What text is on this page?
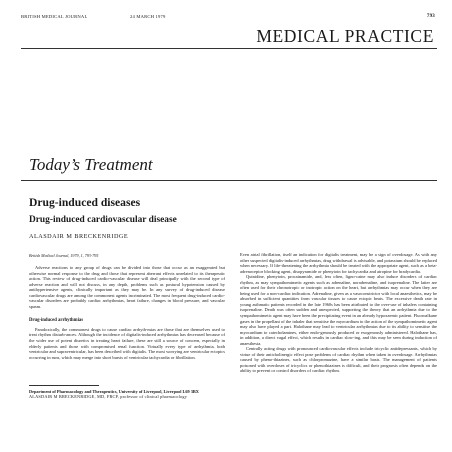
BRITISH MEDICAL JOURNAL	24 MARCH 1979	793
MEDICAL PRACTICE
Today’s Treatment
Drug-induced diseases
Drug-induced cardiovascular disease
ALASDAIR M BRECKENRIDGE
British Medical Journal, 1979, 1, 793-795

Adverse reactions to any group of drugs can be divided into those that occur as an exaggerated but otherwise normal response to the drug and those that represent aberrant effects unrelated to its therapeutic action. This review of drug-induced cardio-vascular disease will deal principally with the second type of adverse reaction and will not discuss, in any depth, problems such as postural hypotension caused by antihypertensive agents, clinically important as they may be. In any survey of drug-induced disease cardiovascular drugs are among the commonest agents incriminated. The most frequent drug-induced cardio-vascular disorders are probably cardiac arrhythmias, heart failure, changes in blood pressure, and vascular spasm.

Drug-induced arrhythmias

Paradoxically, the commonest drugs to cause cardiac arrhyth-mias are those that are themselves used to treat rhythm disturb-ances. Although the incidence of digitalis-induced arrhythmias has decreased because of the wider use of potent diuretics in treating heart failure, these are still a source of concern, especially in elderly patients and those with compromised renal function. Virtually every type of arrhythmia, both ventricular and supraventricular, has been described with digitalis. The most worrying are ventricular ectopics occurring in runs, which may merge into short bursts of ventricular tachycardia or fibrillation.

Department of Pharmacology and Therapeutics, University of Liverpool, Liverpool L69 3BX
ALASDAIR M BRECKENRIDGE, MD, FRCP, professor of clinical pharmacology

Even atrial fibrillation, itself an indication for digitalis treatment, may be a sign of overdosage. As with any other suspected digitalis-induced arrhythmias, drug withdrawal is advisable, and potassium should be replaced when necessary. If life-threatening the arrhythmia should be treated with the appropriate agent, such as a beta-adrenoceptor blocking agent, disopyramide or phenytoin for tachycardia and atropine for bradycardia.

Quinidine, phenytoin, procainamide, and, less often, ligno-caine may also induce disorders of cardiac rhythm, as may sympathomimetic agents such as adrenaline, noradrenaline, and isoprenaline. The latter are often used for their chronotropic or inotropic action on the heart, but arrhythmias may occur when they are being used for a non-cardiac indication. Adrenaline, given as a vasoconstrictor with local anaesthetics, may be absorbed in sufficient quantities from vascular tissues to cause ectopic beats. The excessive death rate in young asthmatic patients recorded in the late 1960s has been attributed to the over-use of inhalers containing isoprenaline. Death was often sudden and unexpected, supporting the theory that an arrhythmia due to the sympathomimetic agent may have been the precipitating event in an already hypoxaemic patient. Fluoroalkane gases in the propellant of the inhaler that sensitise the myocardium to the action of the sympathomimetic agent may also have played a part. Halothane may lead to ventricular arrhythmias due to its ability to sensitise the myocardium to catecholamines, either endo-genously produced or exogenously administered. Halothane has, in addition, a direct vagal effect, which results in cardiac slow-ing, and this may be seen during induction of anaesthesia.

Centrally acting drugs with pronounced cardiovascular effects include tricyclic antidepressants, which by virtue of their anticholinergic effect pose problems of cardiac rhythm when taken in overdosage. Arrhythmias caused by pheno-thiazines, such as chlorpromazine, have a similar basis. The management of patients poisoned with overdoses of tricyclics or phenothiazines is difficult, and their prognosis often depends on the ability to prevent or control disorders of cardiac rhythm.
